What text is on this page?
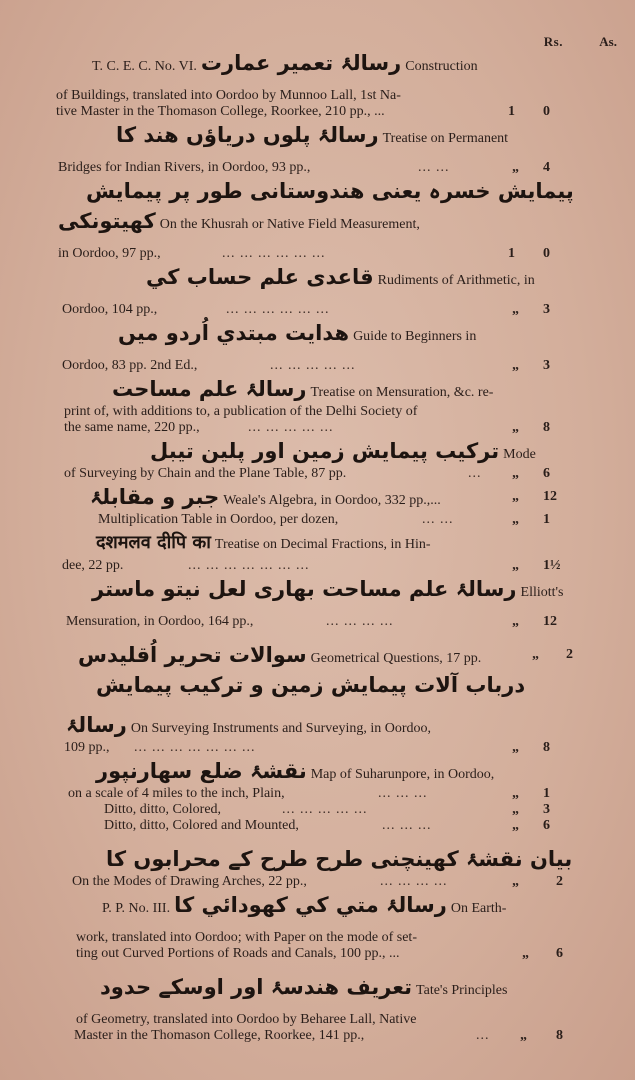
Rs.	As.
T. C. E. C. No. VI. رسالۂ تعمیر عمارت Construction
of Buildings, translated into Oordoo by Munnoo Lall, 1st Na-
tive Master in the Thomason College, Roorkee, 210 pp., ...	1 0
رسالۂ پلوں دریاؤں هند کا Treatise on Permanent
Bridges for Indian Rivers, in Oordoo, 93 pp.,	... ...	„ 4
پیمایش خسرہ یعنی هندوستانی طور پر پیمایش
کھیتونکی On the Khusrah or Native Field Measurement,
in Oordoo, 97 pp.,	... ... ... ... ... ...	1 0
قاعدی علم حساب کي Rudiments of Arithmetic, in
Oordoo, 104 pp.,	... ... ... ... ... ...	„ 3
هدایت مبتدي اُردو میں Guide to Beginners in
Oordoo, 83 pp. 2nd Ed.,	... ... ... ... ...	„ 3
رسالۂ علم مساحت Treatise on Mensuration, &c. re-
print of, with additions to, a publication of the Delhi Society of
the same name, 220 pp.,	... ... ... ... ...	„ 8
ترکیب پیمایش زمین اور پلین تیبل Mode
of Surveying by Chain and the Plane Table, 87 pp.	... „ 6
جبر و مقابلۂ Weale's Algebra, in Oordoo, 332 pp.,...	„ 12
Multiplication Table in Oordoo, per dozen,	... ...	„ 1
दशमलव दीपि का Treatise on Decimal Fractions, in Hin-
dee, 22 pp.	... ... ... ... ... ... ...	„ 1½
رسالۂ علم مساحت بهاری لعل نیتو ماستر Elliott's
Mensuration, in Oordoo, 164 pp.,	... ... ... ...	„ 12
سوالات تحریر اُقلیدس Geometrical Questions, 17 pp.	„ 2
درباب آلات پیمایش زمین و ترکیب پیمایش
رسالۂ On Surveying Instruments and Surveying, in Oordoo,
109 pp., ... ... ... ... ... ... ...	„ 8
نقشۂ ضلع سهارنپور Map of Suharunpore, in Oordoo,
on a scale of 4 miles to the inch, Plain,	... ... ...	„ 1
Ditto, ditto, Colored,	... ... ... ... ...	„ 3
Ditto, ditto, Colored and Mounted,	... ... ...	„ 6
بیان نقشۂ کھینچنی طرح طرح کے محرابوں کا
On the Modes of Drawing Arches, 22 pp.,	... ... ... ...	„	2
P. P. No. III. رسالۂ متي کي کھودائي کا On Earth-
work, translated into Oordoo; with Paper on the mode of set-
ting out Curved Portions of Roads and Canals, 100 pp., ...	„ 6
تعریف هندسۂ اور اوسکے حدود Tate's Principles
of Geometry, translated into Oordoo by Beharee Lall, Native
Master in the Thomason College, Roorkee, 141 pp.,	... „ 8
